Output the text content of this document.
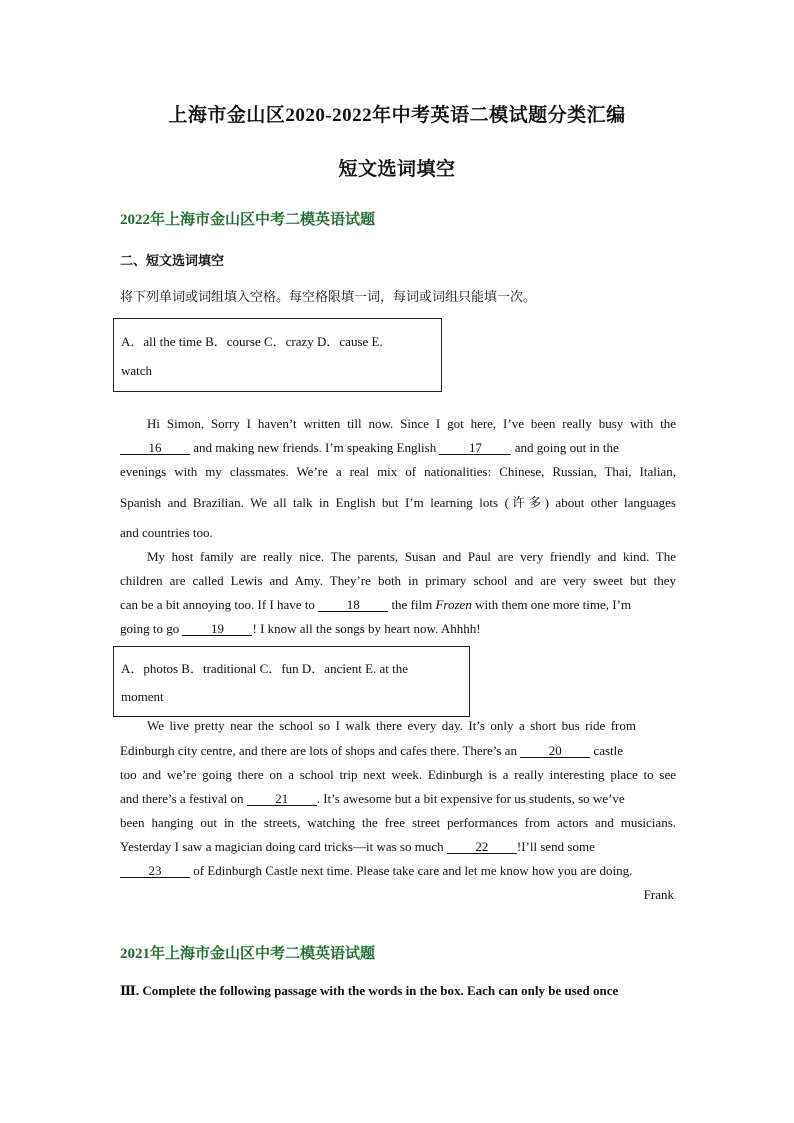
上海市金山区2020-2022年中考英语二模试题分类汇编
短文选词填空
2022年上海市金山区中考二模英语试题
二、短文选词填空
将下列单词或词组填入空格。每空格限填一词，每词或词组只能填一次。
A．all the time B．course C．crazy D．cause E.
watch
Hi Simon, Sorry I haven’t written till now. Since I got here, I’ve been really busy with the
16 and making new friends. I’m speaking English 17 and going out in the
evenings with my classmates. We’re a real mix of nationalities: Chinese, Russian, Thai, Italian,
Spanish and Brazilian. We all talk in English but I’m learning lots (许多) about other languages
and countries too.
My host family are really nice. The parents, Susan and Paul are very friendly and kind. The
children are called Lewis and Amy. They’re both in primary school and are very sweet but they
can be a bit annoying too. If I have to 18 the film Frozen with them one more time, I’m
going to go 19 ! I know all the songs by heart now. Ahhhh!
A．photos B．traditional C．fun D．ancient E. at the
moment
We live pretty near the school so I walk there every day. It’s only a short bus ride from
Edinburgh city centre, and there are lots of shops and cafes there. There’s an 20 castle
too and we’re going there on a school trip next week. Edinburgh is a really interesting place to see
and there’s a festival on 21 . It’s awesome but a bit expensive for us students, so we’ve
been hanging out in the streets, watching the free street performances from actors and musicians.
Yesterday I saw a magician doing card tricks—it was so much 22 !I’ll send some
23 of Edinburgh Castle next time. Please take care and let me know how you are doing.
Frank
2021年上海市金山区中考二模英语试题
Ⅲ. Complete the following passage with the words in the box. Each can only be used once
